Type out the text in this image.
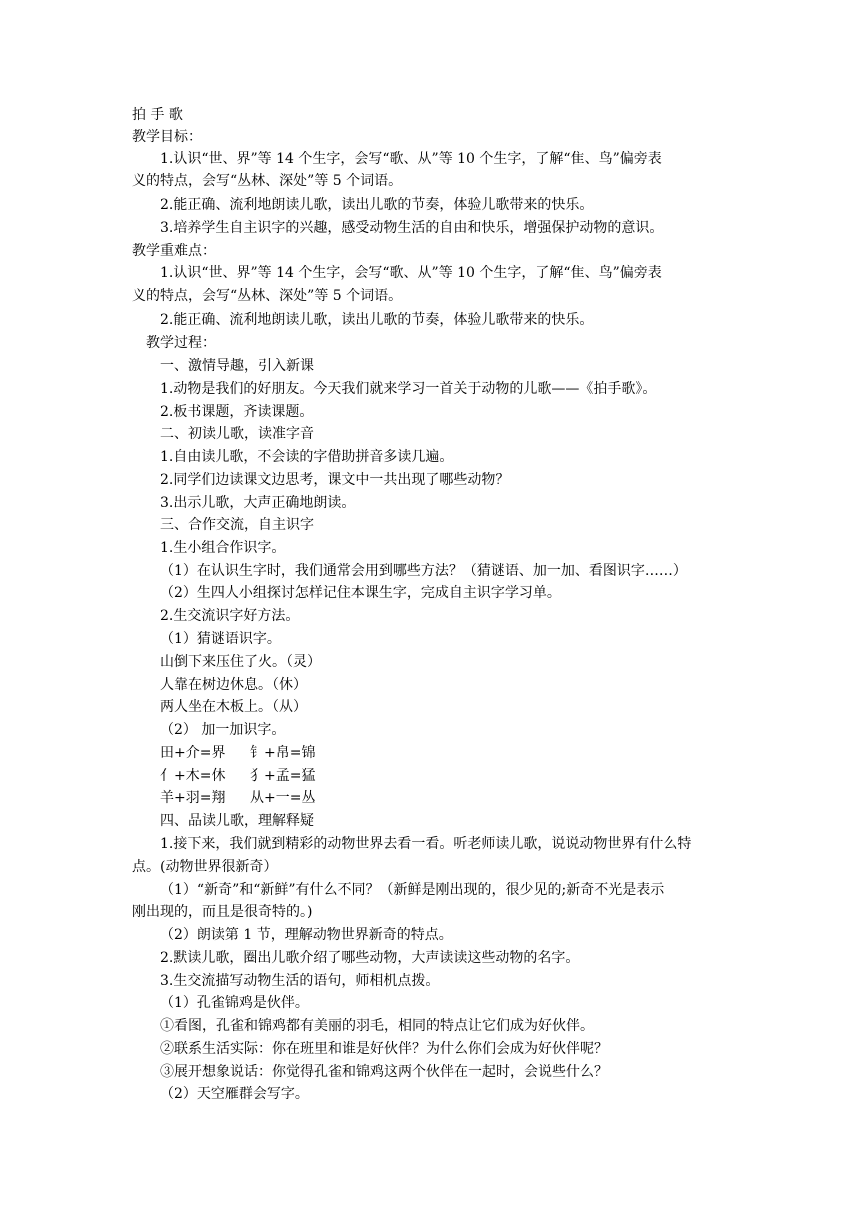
拍 手 歌
教学目标：
1.认识“世、界”等 14 个生字，会写“歌、从”等 10 个生字，了解“隹、鸟”偏旁表
义的特点，会写“丛林、深处”等 5 个词语。
2.能正确、流利地朗读儿歌，读出儿歌的节奏，体验儿歌带来的快乐。
3.培养学生自主识字的兴趣，感受动物生活的自由和快乐，增强保护动物的意识。
教学重难点：
1.认识“世、界”等 14 个生字，会写“歌、从”等 10 个生字，了解“隹、鸟”偏旁表
义的特点，会写“丛林、深处”等 5 个词语。
2.能正确、流利地朗读儿歌，读出儿歌的节奏，体验儿歌带来的快乐。
教学过程：
一、激情导趣，引入新课
1.动物是我们的好朋友。今天我们就来学习一首关于动物的儿歌——《拍手歌》。
2.板书课题，齐读课题。
二、初读儿歌，读准字音
1.自由读儿歌，不会读的字借助拼音多读几遍。
2.同学们边读课文边思考，课文中一共出现了哪些动物？
3.出示儿歌，大声正确地朗读。
三、合作交流，自主识字
1.生小组合作识字。
（1）在认识生字时，我们通常会用到哪些方法？（猜谜语、加一加、看图识字……）
（2）生四人小组探讨怎样记住本课生字，完成自主识字学习单。
2.生交流识字好方法。
（1）猜谜语识字。
山倒下来压住了火。（灵）
人靠在树边休息。（休）
两人坐在木板上。（从）
（2） 加一加识字。
田+介=界 钅+帛=锦
亻+木=休 犭+孟=猛
羊+羽=翔 从+一=丛
四、品读儿歌，理解释疑
1.接下来，我们就到精彩的动物世界去看一看。听老师读儿歌，说说动物世界有什么特
点。(动物世界很新奇）
（1）“新奇”和“新鲜”有什么不同？（新鲜是刚出现的，很少见的;新奇不光是表示
刚出现的，而且是很奇特的。)
（2）朗读第 1 节，理解动物世界新奇的特点。
2.默读儿歌，圈出儿歌介绍了哪些动物，大声读读这些动物的名字。
3.生交流描写动物生活的语句，师相机点拨。
（1）孔雀锦鸡是伙伴。
①看图，孔雀和锦鸡都有美丽的羽毛，相同的特点让它们成为好伙伴。
②联系生活实际：你在班里和谁是好伙伴？为什么你们会成为好伙伴呢？
③展开想象说话：你觉得孔雀和锦鸡这两个伙伴在一起时，会说些什么？
（2）天空雁群会写字。
